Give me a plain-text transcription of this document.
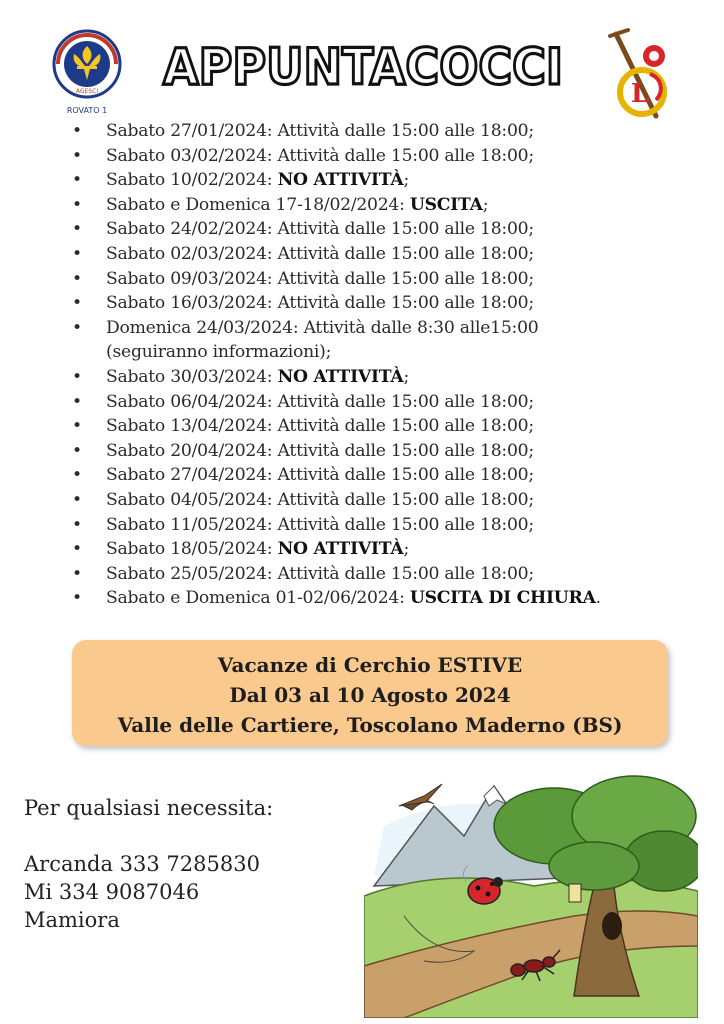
AGESCI
ROVATO 1
APPUNTACOCCI	L
• Sabato 27/01/2024: Attività dalle 15:00 alle 18:00;
• Sabato 03/02/2024: Attività dalle 15:00 alle 18:00;
• Sabato 10/02/2024: NO ATTIVITÀ;
• Sabato e Domenica 17-18/02/2024: USCITA;
• Sabato 24/02/2024: Attività dalle 15:00 alle 18:00;
• Sabato 02/03/2024: Attività dalle 15:00 alle 18:00;
• Sabato 09/03/2024: Attività dalle 15:00 alle 18:00;
• Sabato 16/03/2024: Attività dalle 15:00 alle 18:00;
• Domenica 24/03/2024: Attività dalle 8:30 alle15:00
(seguiranno informazioni);
• Sabato 30/03/2024: NO ATTIVITÀ;
• Sabato 06/04/2024: Attività dalle 15:00 alle 18:00;
• Sabato 13/04/2024: Attività dalle 15:00 alle 18:00;
• Sabato 20/04/2024: Attività dalle 15:00 alle 18:00;
• Sabato 27/04/2024: Attività dalle 15:00 alle 18:00;
• Sabato 04/05/2024: Attività dalle 15:00 alle 18:00;
• Sabato 11/05/2024: Attività dalle 15:00 alle 18:00;
• Sabato 18/05/2024: NO ATTIVITÀ;
• Sabato 25/05/2024: Attività dalle 15:00 alle 18:00;
• Sabato e Domenica 01-02/06/2024: USCITA DI CHIURA.
Vacanze di Cerchio ESTIVE
Dal 03 al 10 Agosto 2024
Valle delle Cartiere, Toscolano Maderno (BS)
Per qualsiasi necessita:
Arcanda 333 7285830
Mi 334 9087046
Mamiora
